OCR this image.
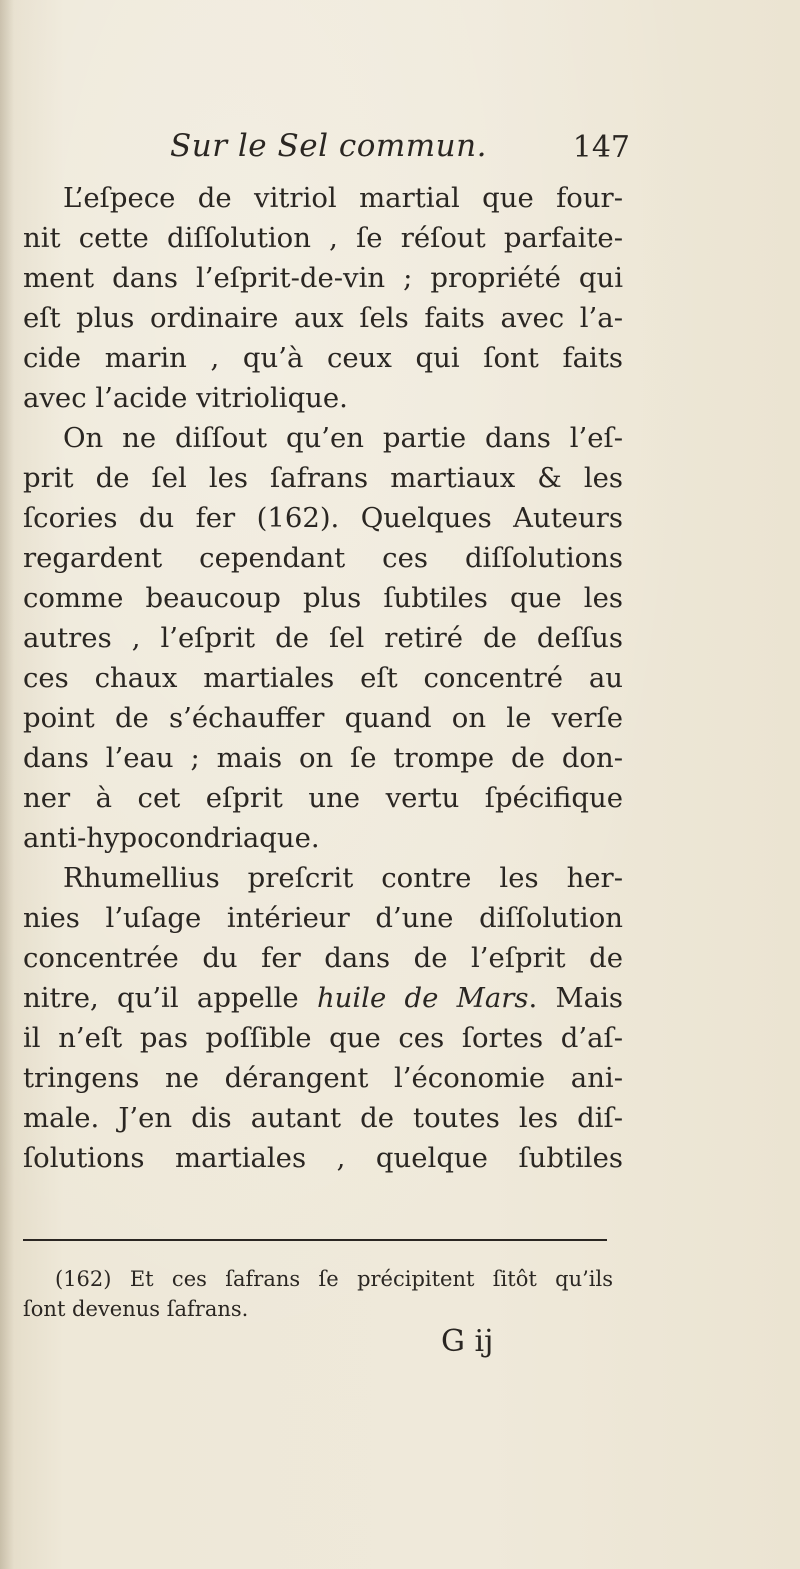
Sur le Sel commun.	147
L’eſpece de vitriol martial que four-
nit cette diſſolution , ſe réſout parfaite-
ment dans l’eſprit-de-vin ; propriété qui
eſt plus ordinaire aux ſels faits avec l’a-
cide marin , qu’à ceux qui ſont faits
avec l’acide vitriolique.
On ne diſſout qu’en partie dans l’eſ-
prit de ſel les ſafrans martiaux & les
ſcories du fer (162). Quelques Auteurs
regardent cependant ces diſſolutions
comme beaucoup plus ſubtiles que les
autres , l’eſprit de ſel retiré de deſſus
ces chaux martiales eſt concentré au
point de s’échauffer quand on le verſe
dans l’eau ; mais on ſe trompe de don-
ner à cet eſprit une vertu ſpécifique
anti-hypocondriaque.
Rhumellius preſcrit contre les her-
nies l’uſage intérieur d’une diſſolution
concentrée du fer dans de l’eſprit de
nitre, qu’il appelle huile de Mars. Mais
il n’eſt pas poſſible que ces ſortes d’aſ-
tringens ne dérangent l’économie ani-
male. J’en dis autant de toutes les diſ-
ſolutions martiales , quelque ſubtiles
(162) Et ces ſafrans ſe précipitent ſitôt qu’ils
ſont devenus ſafrans.
G ij
